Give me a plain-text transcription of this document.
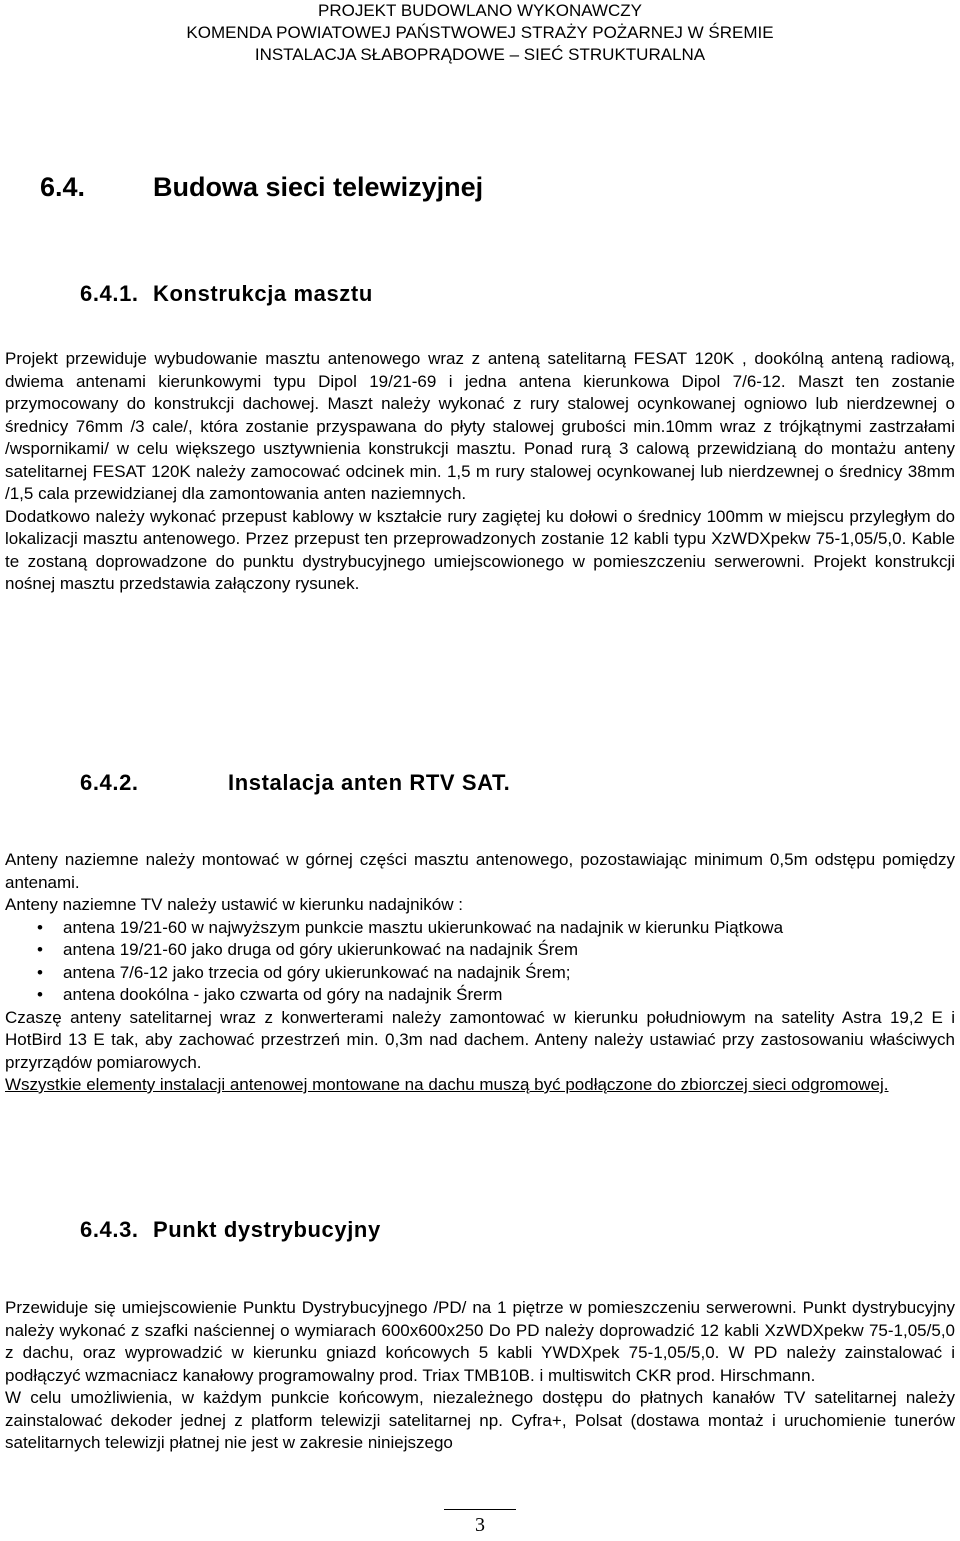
PROJEKT BUDOWLANO WYKONAWCZY
KOMENDA POWIATOWEJ PAŃSTWOWEJ STRAŻY POŻARNEJ W ŚREMIE
INSTALACJA SŁABOPRĄDOWE – SIEĆ STRUKTURALNA
6.4.	Budowa sieci telewizyjnej
6.4.1. Konstrukcja masztu

Projekt przewiduje wybudowanie masztu antenowego wraz z anteną satelitarną FESAT 120K , dookólną anteną radiową, dwiema antenami kierunkowymi typu Dipol 19/21-69 i jedna antena kierunkowa Dipol 7/6-12. Maszt ten zostanie przymocowany do konstrukcji dachowej. Maszt należy wykonać z rury stalowej ocynkowanej ogniowo lub nierdzewnej o średnicy 76mm /3 cale/, która zostanie przyspawana do płyty stalowej grubości min.10mm wraz z trójkątnymi zastrzałami /wspornikami/ w celu większego usztywnienia konstrukcji masztu. Ponad rurą 3 calową przewidzianą do montażu anteny satelitarnej FESAT 120K należy zamocować odcinek min. 1,5 m rury stalowej ocynkowanej lub nierdzewnej o średnicy 38mm /1,5 cala przewidzianej dla zamontowania anten naziemnych.

Dodatkowo należy wykonać przepust kablowy w kształcie rury zagiętej ku dołowi o średnicy 100mm w miejscu przyległym do lokalizacji masztu antenowego. Przez przepust ten przeprowadzonych zostanie 12 kabli typu XzWDXpekw 75-1,05/5,0. Kable te zostaną doprowadzone do punktu dystrybucyjnego umiejscowionego w pomieszczeniu serwerowni. Projekt konstrukcji nośnej masztu przedstawia załączony rysunek.

6.4.2.	Instalacja anten RTV SAT.

Anteny naziemne należy montować w górnej części masztu antenowego, pozostawiając minimum 0,5m odstępu pomiędzy antenami.

Anteny naziemne TV należy ustawić w kierunku nadajników :

• antena 19/21-60 w najwyższym punkcie masztu ukierunkować na nadajnik w kierunku Piątkowa
• antena 19/21-60 jako druga od góry ukierunkować na nadajnik Śrem
• antena 7/6-12 jako trzecia od góry ukierunkować na nadajnik Śrem;
• antena dookólna - jako czwarta od góry na nadajnik Śrerm

Czaszę anteny satelitarnej wraz z konwerterami należy zamontować w kierunku południowym na satelity Astra 19,2 E i HotBird 13 E tak, aby zachować przestrzeń min. 0,3m nad dachem. Anteny należy ustawiać przy zastosowaniu właściwych przyrządów pomiarowych.

Wszystkie elementy instalacji antenowej montowane na dachu muszą być podłączone do zbiorczej sieci odgromowej.

6.4.3. Punkt dystrybucyjny

Przewiduje się umiejscowienie Punktu Dystrybucyjnego /PD/ na 1 piętrze w pomieszczeniu serwerowni. Punkt dystrybucyjny należy wykonać z szafki naściennej o wymiarach 600x600x250 Do PD należy doprowadzić 12 kabli XzWDXpekw 75-1,05/5,0 z dachu, oraz wyprowadzić w kierunku gniazd końcowych 5 kabli YWDXpek 75-1,05/5,0. W PD należy zainstalować i podłączyć wzmacniacz kanałowy programowalny prod. Triax TMB10B. i multiswitch CKR prod. Hirschmann.

W celu umożliwienia, w każdym punkcie końcowym, niezależnego dostępu do płatnych kanałów TV satelitarnej należy zainstalować dekoder jednej z platform telewizji satelitarnej np. Cyfra+, Polsat (dostawa montaż i uruchomienie tunerów satelitarnych telewizji płatnej nie jest w zakresie niniejszego

3
